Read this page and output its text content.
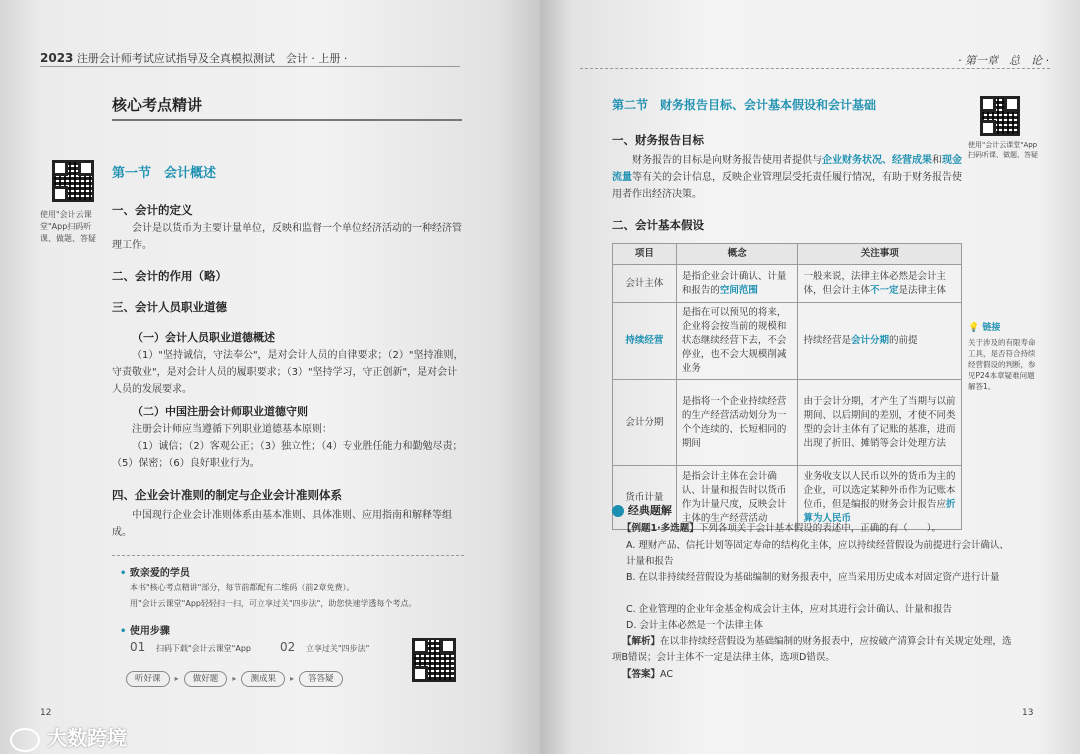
2023 注册会计师考试应试指导及全真模拟测试　会计 · 上册 ·
核心考点精讲
使用"会计云课堂"App扫码听课、做题、答疑
第一节　会计概述
一、会计的定义
会计是以货币为主要计量单位，反映和监督一个单位经济活动的一种经济管理工作。
二、会计的作用（略）
三、会计人员职业道德
（一）会计人员职业道德概述
（1）"坚持诚信，守法奉公"，是对会计人员的自律要求；（2）"坚持准则，守责敬业"，是对会计人员的履职要求；（3）"坚持学习，守正创新"，是对会计人员的发展要求。
（二）中国注册会计师职业道德守则
注册会计师应当遵循下列职业道德基本原则：
（1）诚信；（2）客观公正；（3）独立性；（4）专业胜任能力和勤勉尽责；（5）保密；（6）良好职业行为。
四、企业会计准则的制定与企业会计准则体系
中国现行企业会计准则体系由基本准则、具体准则、应用指南和解释等组成。
• 致亲爱的学员
本书"核心考点精讲"部分，每节前都配有二维码（前2章免费）。
用"会计云课堂"App轻轻扫一扫，可立享过关"四步法"，助您快速学透每个考点。
• 使用步骤
01 扫码下载"会计云课堂"App 02 立享过关"四步法"
听好课 ▸ 做好题 ▸ 测成果 ▸ 答答疑
12
大数跨境
· 第一章　总　论 ·
第二节　财务报告目标、会计基本假设和会计基础
使用"会计云课堂"App扫码听课、做题、答疑
一、财务报告目标
财务报告的目标是向财务报告使用者提供与企业财务状况、经营成果和现金流量等有关的会计信息，反映企业管理层受托责任履行情况，有助于财务报告使用者作出经济决策。
二、会计基本假设
项目	概念	关注事项
会计主体	是指企业会计确认、计量和报告的空间范围	一般来说，法律主体必然是会计主体，但会计主体不一定是法律主体
持续经营	是指在可以预见的将来，企业将会按当前的规模和状态继续经营下去，不会停业，也不会大规模削减业务	持续经营是会计分期的前提
会计分期	是指将一个企业持续经营的生产经营活动划分为一个个连续的、长短相同的期间	由于会计分期，才产生了当期与以前期间、以后期间的差别，才使不同类型的会计主体有了记账的基准，进而出现了折旧、摊销等会计处理方法
货币计量	是指会计主体在会计确认、计量和报告时以货币作为计量尺度，反映会计主体的生产经营活动	业务收支以人民币以外的货币为主的企业，可以选定某种外币作为记账本位币，但是编报的财务会计报告应折算为人民币
💡 链接
关于涉及的有限寿命工具，是否符合持续经营假设的判断，参见P24本章疑难问题解答1。
经典题解
【例题1·多选题】下列各项关于会计基本假设的表述中，正确的有（　　）。
A. 理财产品、信托计划等固定寿命的结构化主体，应以持续经营假设为前提进行会计确认、计量和报告
B. 在以非持续经营假设为基础编制的财务报表中，应当采用历史成本对固定资产进行计量
C. 企业管理的企业年金基金构成会计主体，应对其进行会计确认、计量和报告
D. 会计主体必然是一个法律主体
【解析】在以非持续经营假设为基础编制的财务报表中，应按破产清算会计有关规定处理，选项B错误；会计主体不一定是法律主体，选项D错误。
【答案】AC
13
